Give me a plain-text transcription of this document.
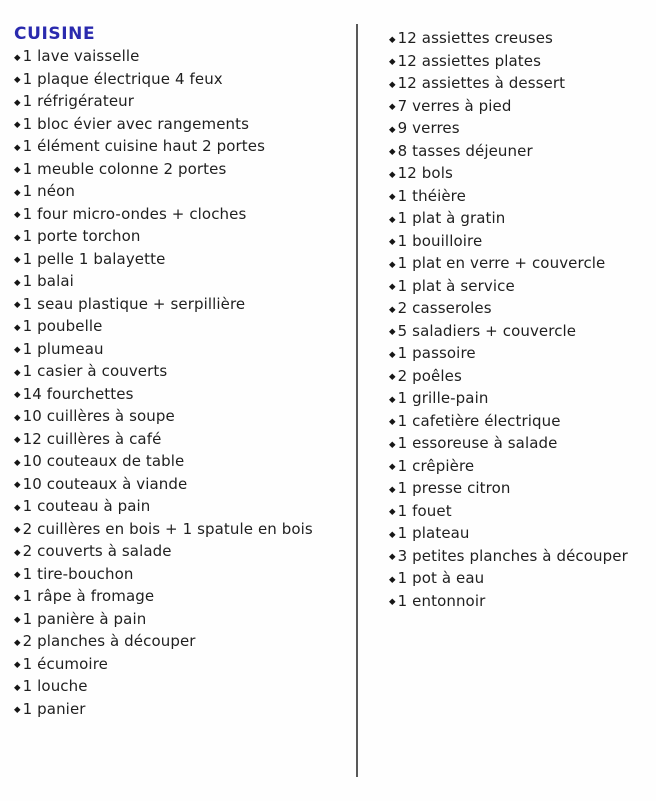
CUISINE
◆ 1 lave vaisselle
◆ 1 plaque électrique 4 feux
◆ 1 réfrigérateur
◆ 1 bloc évier avec rangements
◆ 1 élément cuisine haut 2 portes
◆ 1 meuble colonne 2 portes
◆ 1 néon
◆ 1 four micro-ondes + cloches
◆ 1 porte torchon
◆ 1 pelle 1 balayette
◆ 1 balai
◆ 1 seau plastique + serpillière
◆ 1 poubelle
◆ 1 plumeau
◆ 1 casier à couverts
◆ 14 fourchettes
◆ 10 cuillères à soupe
◆ 12 cuillères à café
◆ 10 couteaux de table
◆ 10 couteaux à viande
◆ 1 couteau à pain
◆ 2 cuillères en bois + 1 spatule en bois
◆ 2 couverts à salade
◆ 1 tire-bouchon
◆ 1 râpe à fromage
◆ 1 panière à pain
◆ 2 planches à découper
◆ 1 écumoire
◆ 1 louche
◆ 1 panier
◆ 12 assiettes creuses
◆ 12 assiettes plates
◆ 12 assiettes à dessert
◆ 7 verres à pied
◆ 9 verres
◆ 8 tasses déjeuner
◆ 12 bols
◆ 1 théière
◆ 1 plat à gratin
◆ 1 bouilloire
◆ 1 plat en verre + couvercle
◆ 1 plat à service
◆ 2 casseroles
◆ 5 saladiers + couvercle
◆ 1 passoire
◆ 2 poêles
◆ 1 grille-pain
◆ 1 cafetière électrique
◆ 1 essoreuse à salade
◆ 1 crêpière
◆ 1 presse citron
◆ 1 fouet
◆ 1 plateau
◆ 3 petites planches à découper
◆ 1 pot à eau
◆ 1 entonnoir
